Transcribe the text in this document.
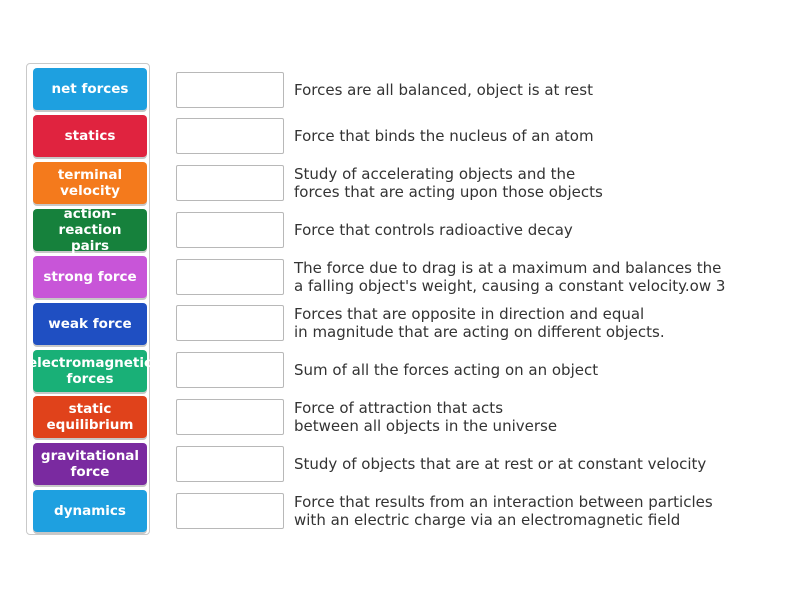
net forces
statics
terminal
velocity
action-reaction
pairs
strong force
weak force
electromagnetic
forces
static
equilibrium
gravitational
force
dynamics
Forces are all balanced, object is at rest
Force that binds the nucleus of an atom
Study of accelerating objects and the
forces that are acting upon those objects
Force that controls radioactive decay
The force due to drag is at a maximum and balances the
a falling object's weight, causing a constant velocity.ow 3
Forces that are opposite in direction and equal
in magnitude that are acting on different objects.
Sum of all the forces acting on an object
Force of attraction that acts
between all objects in the universe
Study of objects that are at rest or at constant velocity
Force that results from an interaction between particles
with an electric charge via an electromagnetic field
